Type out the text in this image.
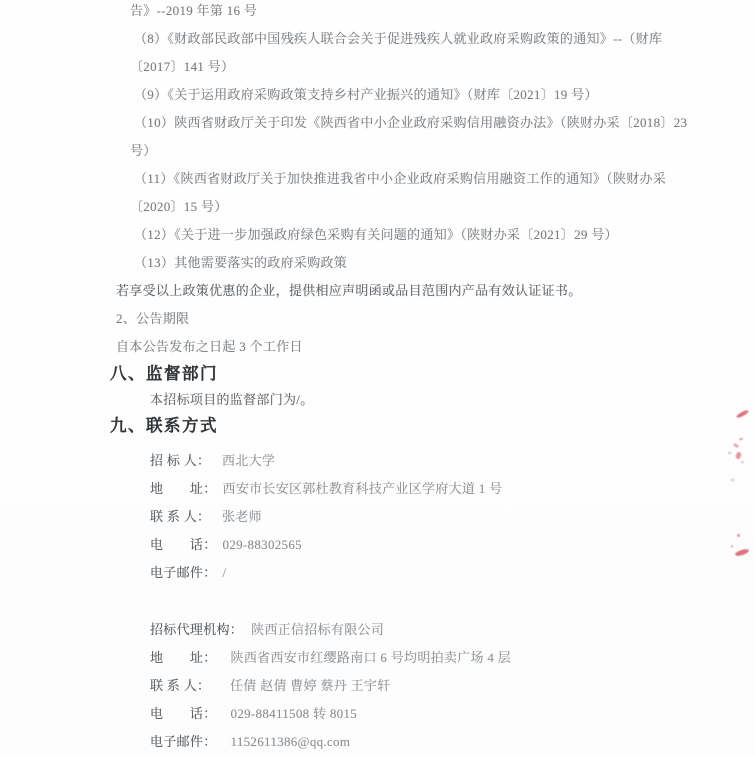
告》--2019 年第 16 号
（8）《财政部民政部中国残疾人联合会关于促进残疾人就业政府采购政策的通知》--（财库
〔2017〕141 号）
（9）《关于运用政府采购政策支持乡村产业振兴的通知》（财库〔2021〕19 号）
（10）陕西省财政厅关于印发《陕西省中小企业政府采购信用融资办法》（陕财办采〔2018〕23
号）
（11）《陕西省财政厅关于加快推进我省中小企业政府采购信用融资工作的通知》（陕财办采
〔2020〕15 号）
（12）《关于进一步加强政府绿色采购有关问题的通知》（陕财办采〔2021〕29 号）
（13）其他需要落实的政府采购政策
若享受以上政策优惠的企业，提供相应声明函或品目范围内产品有效认证证书。
2、公告期限
自本公告发布之日起 3 个工作日
八、监督部门
本招标项目的监督部门为/。
九、联系方式
招 标 人： 西北大学
地　　址： 西安市长安区郭杜教育科技产业区学府大道 1 号
联 系 人： 张老师
电　　话： 029-88302565
电子邮件： /
招标代理机构： 陕西正信招标有限公司
地　　址： 陕西省西安市红缨路南口 6 号均明拍卖广场 4 层
联 系 人：	任倩 赵倩 曹婷 蔡丹 王宇轩
电　　话： 029-88411508 转 8015
电子邮件： 1152611386@qq.com
